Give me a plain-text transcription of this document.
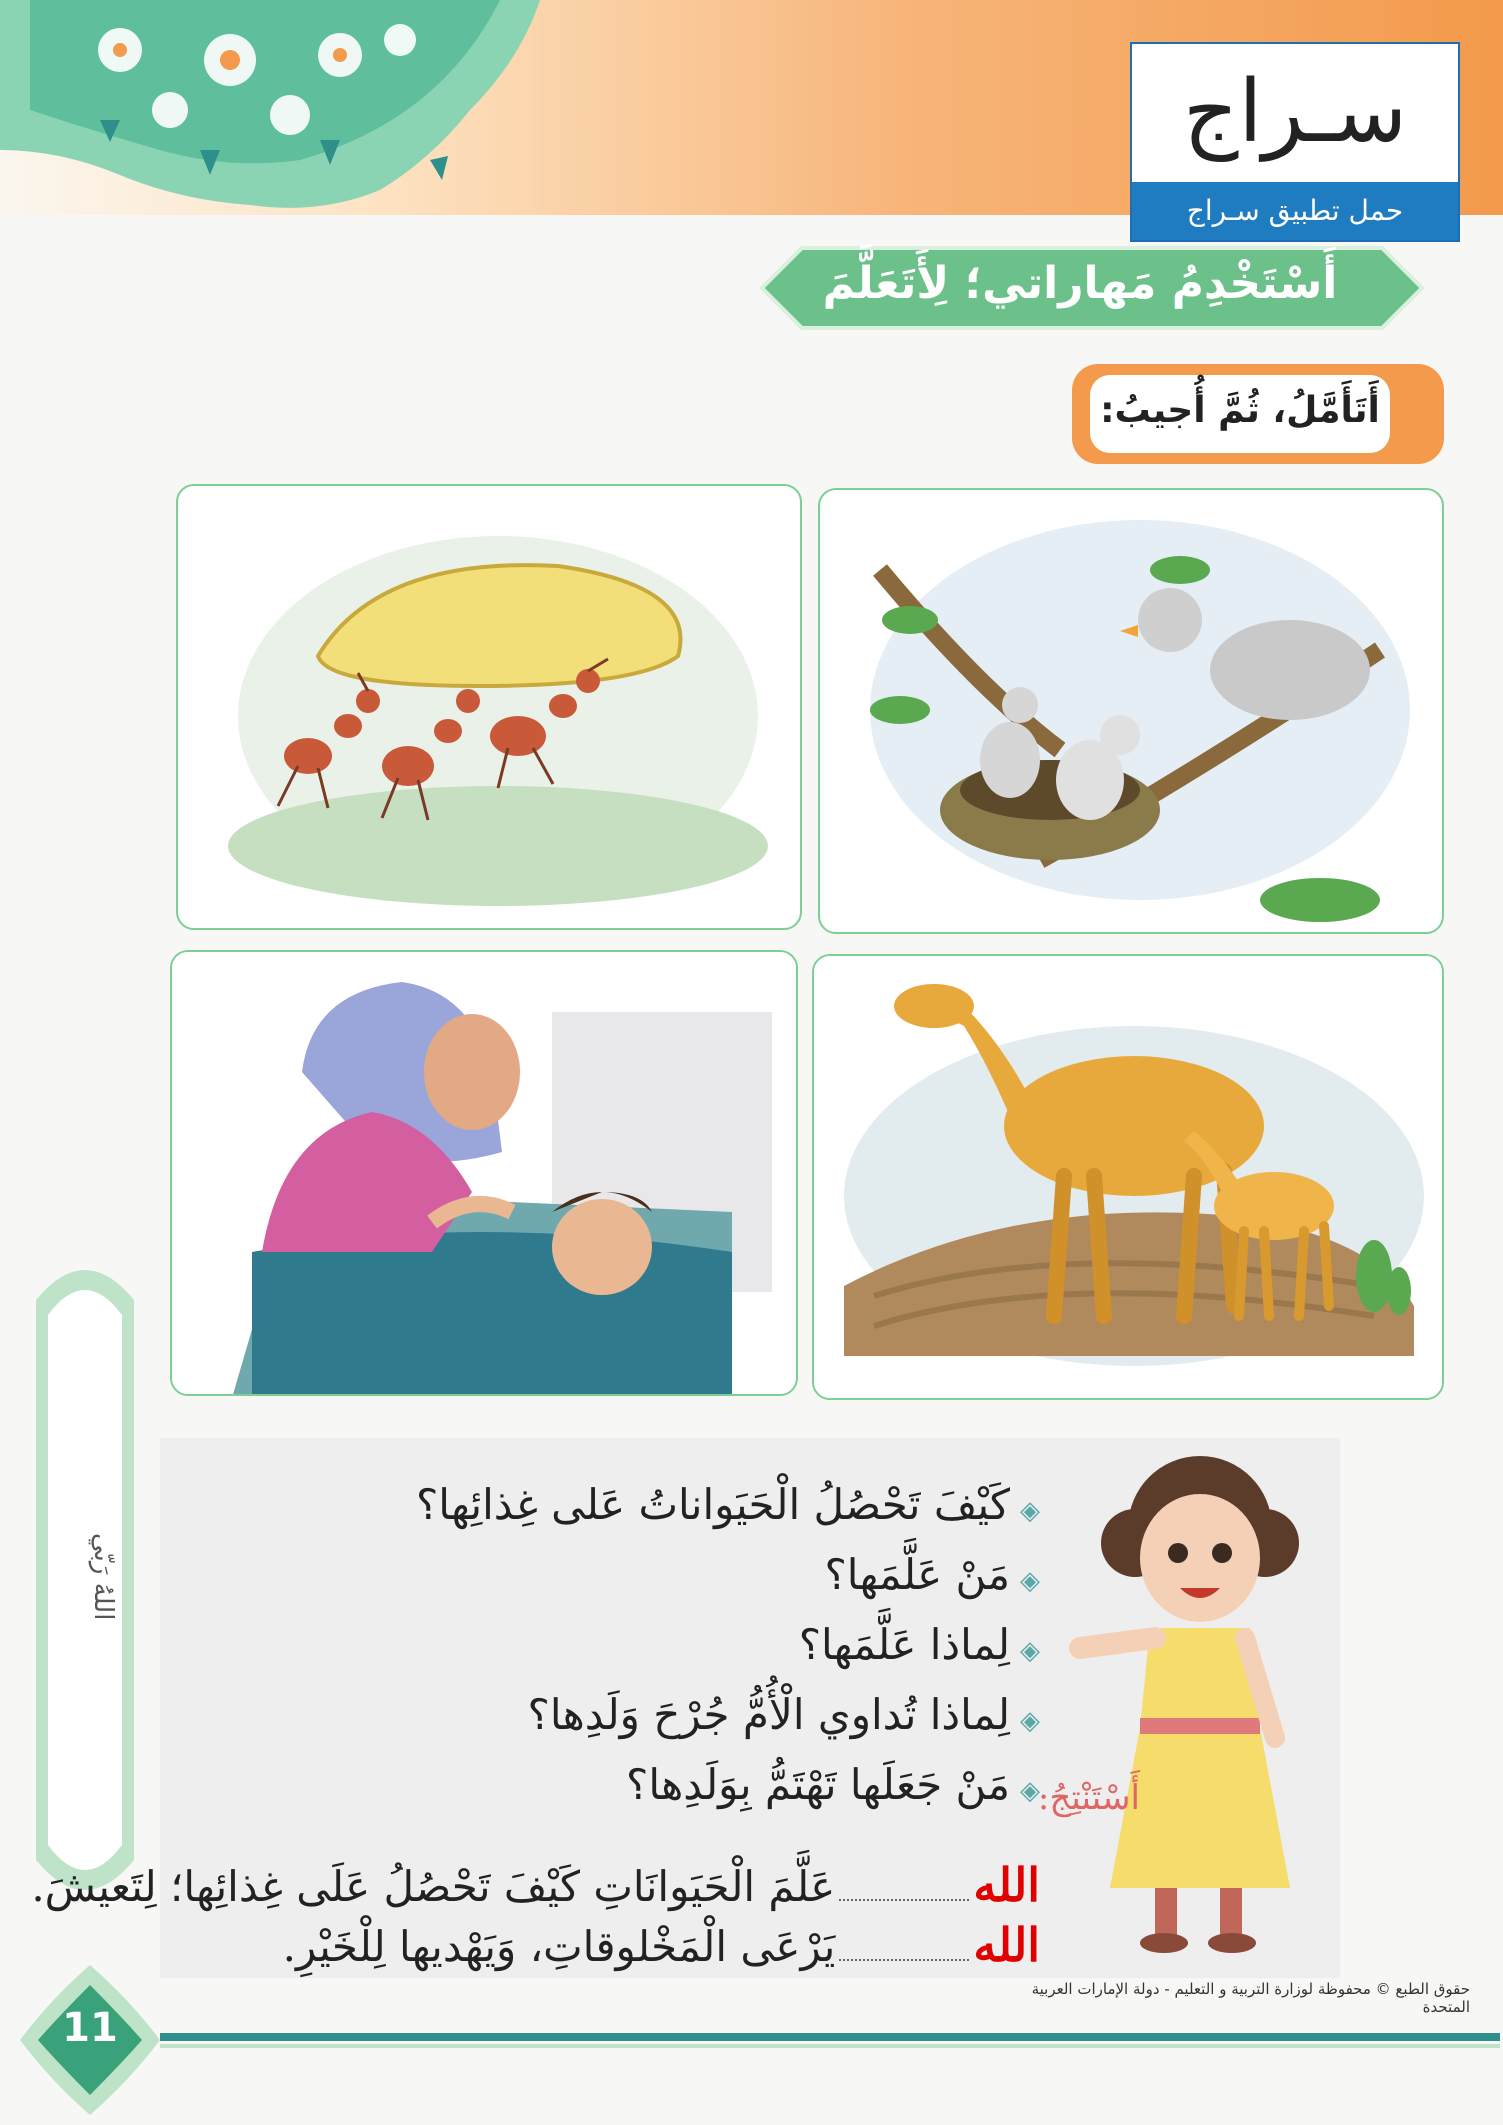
سـراج
حمل تطبيق سـراج
أَسْتَخْدِمُ مَهاراتي؛ لِأَتَعَلَّمَ
أَتَأَمَّلُ، ثُمَّ أُجيبُ:
اللهُ رَبّي
◈كَيْفَ تَحْصُلُ الْحَيَواناتُ عَلى غِذائِها؟
◈مَنْ عَلَّمَها؟
◈لِماذا عَلَّمَها؟
◈لِماذا تُداوي الْأُمُّ جُرْحَ وَلَدِها؟
◈مَنْ جَعَلَها تَهْتَمُّ بِوَلَدِها؟ أَسْتَنْتِجُ:
اللهعَلَّمَ الْحَيَوانَاتِ كَيْفَ تَحْصُلُ عَلَى غِذائِها؛ لِتَعيشَ.
اللهيَرْعَى الْمَخْلوقاتِ، وَيَهْديها لِلْخَيْرِ.
حقوق الطبع © محفوظة لوزارة التربية و التعليم - دولة الإمارات العربية المتحدة
11
